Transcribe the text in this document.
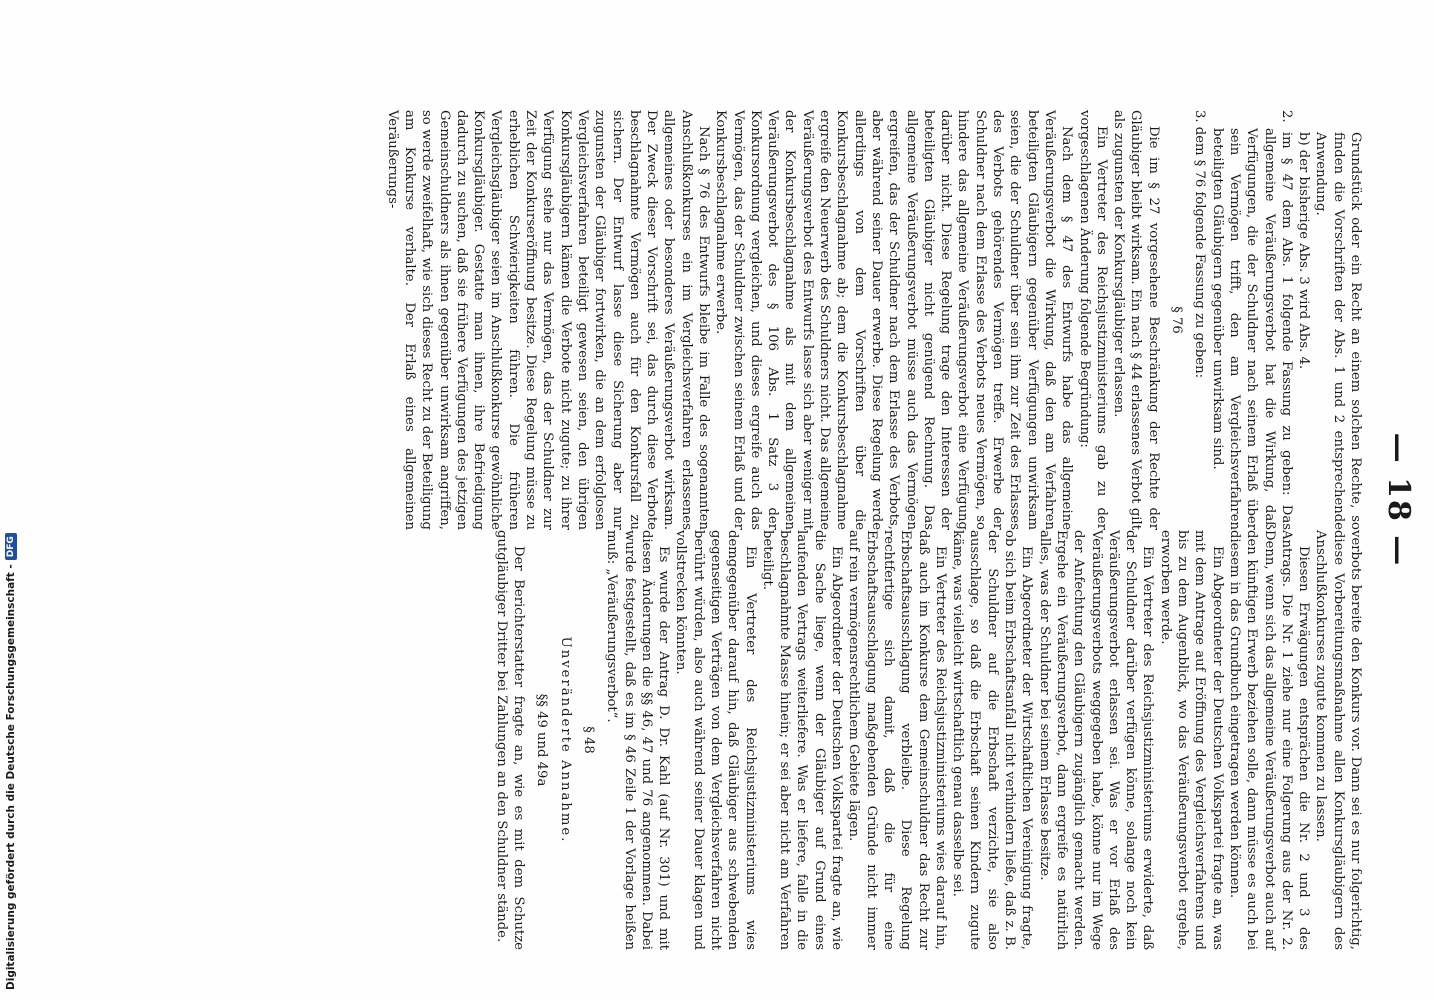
— 18 —

Grundstück oder ein Recht an einem solchen Rechte, so finden die Vorschriften der Abs. 1 und 2 entsprechende Anwendung.

b) der bisherige Abs. 3 wird Abs. 4.

2. im § 47 dem Abs. 1 folgende Fassung zu geben: Das allgemeine Veräußerungsverbot hat die Wirkung, daß Verfügungen, die der Schuldner nach seinem Erlaß über sein Vermögen trifft, den am Vergleichsverfahren beteiligten Gläubigern gegenüber unwirksam sind.

3. dem § 76 folgende Fassung zu geben:

§ 76

Die im § 27 vorgesehene Beschränkung der Rechte der Gläubiger bleibt wirksam. Ein nach § 44 erlassenes Verbot gilt als zugunsten der Konkursgläubiger erlassen.

Ein Vertreter des Reichsjustizministeriums gab zu der vorgeschlagenen Änderung folgende Begründung:

Nach dem § 47 des Entwurfs habe das allgemeine Veräußerungsverbot die Wirkung, daß den am Verfahren beteiligten Gläubigern gegenüber Verfügungen unwirksam seien, die der Schuldner über sein ihm zur Zeit des Erlasses des Verbots gehörendes Vermögen treffe. Erwerbe der Schuldner nach dem Erlasse des Verbots neues Vermögen, so hindere das allgemeine Veräußerungsverbot eine Verfügung darüber nicht. Diese Regelung trage den Interessen der beteiligten Gläubiger nicht genügend Rechnung. Das allgemeine Veräußerungsverbot müsse auch das Vermögen ergreifen, das der Schuldner nach dem Erlasse des Verbots, aber während seiner Dauer erwerbe. Diese Regelung werde allerdings von dem Vorschriften über die Konkursbeschlagnahme ab; dem die Konkursbeschlagnahme ergreife den Neuerwerb des Schuldners nicht. Das allgemeine Veräußerungsverbot des Entwurfs lasse sich aber weniger mit der Konkursbeschlagnahme als mit dem allgemeinen Veräußerungsverbot des § 106 Abs. 1 Satz 3 der Konkursordnung vergleichen, und dieses ergreife auch das Vermögen, das der Schuldner zwischen seinem Erlaß und der Konkursbeschlagnahme erwerbe.

Nach § 76 des Entwurfs bleibe im Falle des sogenannten Anschlußkonkurses ein im Vergleichsverfahren erlassenes allgemeines oder besonderes Veräußerungsverbot wirksam. Der Zweck dieser Vorschrift sei, das durch diese Verbote beschlagnahmte Vermögen auch für den Konkursfall zu sichern. Der Entwurf lasse diese Sicherung aber nur zugunsten der Gläubiger fortwirken, die an dem erfolglosen Vergleichsverfahren beteiligt gewesen seien, den übrigen Konkursgläubigern kämen die Verbote nicht zugute; zu ihrer Verfügung stehe nur das Vermögen, das der Schuldner zur Zeit der Konkurseröffnung besitze. Diese Regelung müsse zu erheblichen Schwierigkeiten führen. Die früheren Vergleichsgläubiger seien im Anschlußkonkurse gewöhnliche Konkursgläubiger. Gestatte man ihnen, ihre Befriedigung dadurch zu suchen, daß sie frühere Verfügungen des jetzigen Gemeinschuldners als ihnen gegenüber unwirksam angriffen, so werde zweifelhaft, wie sich dieses Recht zu der Beteiligung am Konkurse verhalte. Der Erlaß eines allgemeinen Veräußerungs-

verbots bereite den Konkurs vor. Dann sei es nur folgerichtig, diese Vorbereitungsmaßnahme allen Konkursgläubigern des Anschlußkonkurses zugute kommen zu lassen.

Diesen Erwägungen entsprächen die Nr. 2 und 3 des Antrags. Die Nr. 1 ziehe nur eine Folgerung aus der Nr. 2. Denn, wenn sich das allgemeine Veräußerungsverbot auch auf den künftigen Erwerb beziehen solle, dann müsse es auch bei diesem in das Grundbuch eingetragen werden können.

Ein Abgeordneter der Deutschen Volkspartei fragte an, was mit dem Antrage auf Eröffnung des Vergleichsverfahrens und bis zu dem Augenblick, wo das Veräußerungsverbot ergehe, erworben werde.

Ein Vertreter des Reichsjustizministeriums erwiderte, daß der Schuldner darüber verfügen könne, solange noch kein Veräußerungsverbot erlassen sei. Was er vor Erlaß des Veräußerungsverbots weggegeben habe, könne nur im Wege der Anfechtung den Gläubigern zugänglich gemacht werden. Ergehe ein Veräußerungsverbot, dann ergreife es natürlich alles, was der Schuldner bei seinem Erlasse besitze.

Ein Abgeordneter der Wirtschaftlichen Vereinigung fragte, ob sich beim Erbschaftsanfall nicht verhindern ließe, daß z. B. der Schuldner auf die Erbschaft verzichte, sie also ausschlage, so daß die Erbschaft seinen Kindern zugute käme, was vielleicht wirtschaftlich genau dasselbe sei.

Ein Vertreter des Reichsjustizministeriums wies darauf hin, daß auch im Konkurse dem Gemeinschuldner das Recht zur Erbschaftsausschlagung verbleibe. Diese Regelung rechtfertige sich damit, daß die für eine Erbschaftsausschlagung maßgebenden Gründe nicht immer auf rein vermögensrechtlichem Gebiete lägen.

Ein Abgeordneter der Deutschen Volkspartei fragte an, wie die Sache liege, wenn der Gläubiger auf Grund eines laufenden Vertrags weiterliefere. Was er liefere, falle in die beschlagnahmte Masse hinein; er sei aber nicht am Verfahren beteiligt.

Ein Vertreter des Reichsjustizministeriums wies demgegenüber darauf hin, daß Gläubiger aus schwebenden gegenseitigen Verträgen von dem Vergleichsverfahren nicht berührt würden, also auch während seiner Dauer klagen und vollstrecken könnten.

Es wurde der Antrag D. Dr. Kahl (auf Nr. 301) und mit diesen Änderungen die §§ 46, 47 und 76 angenommen. Dabei wurde festgestellt, daß es im § 46 Zeile 1 der Vorlage heißen muß: „Veräußerungsverbot“.

§ 48

Unveränderte Annahme.

§§ 49 und 49a

Der Berichterstatter fragte an, wie es mit dem Schutze gutgläubiger Dritter bei Zahlungen an den Schuldner stände.

Digitalisierung gefördert durch die Deutsche Forschungsgemeinschaft -
DFG
